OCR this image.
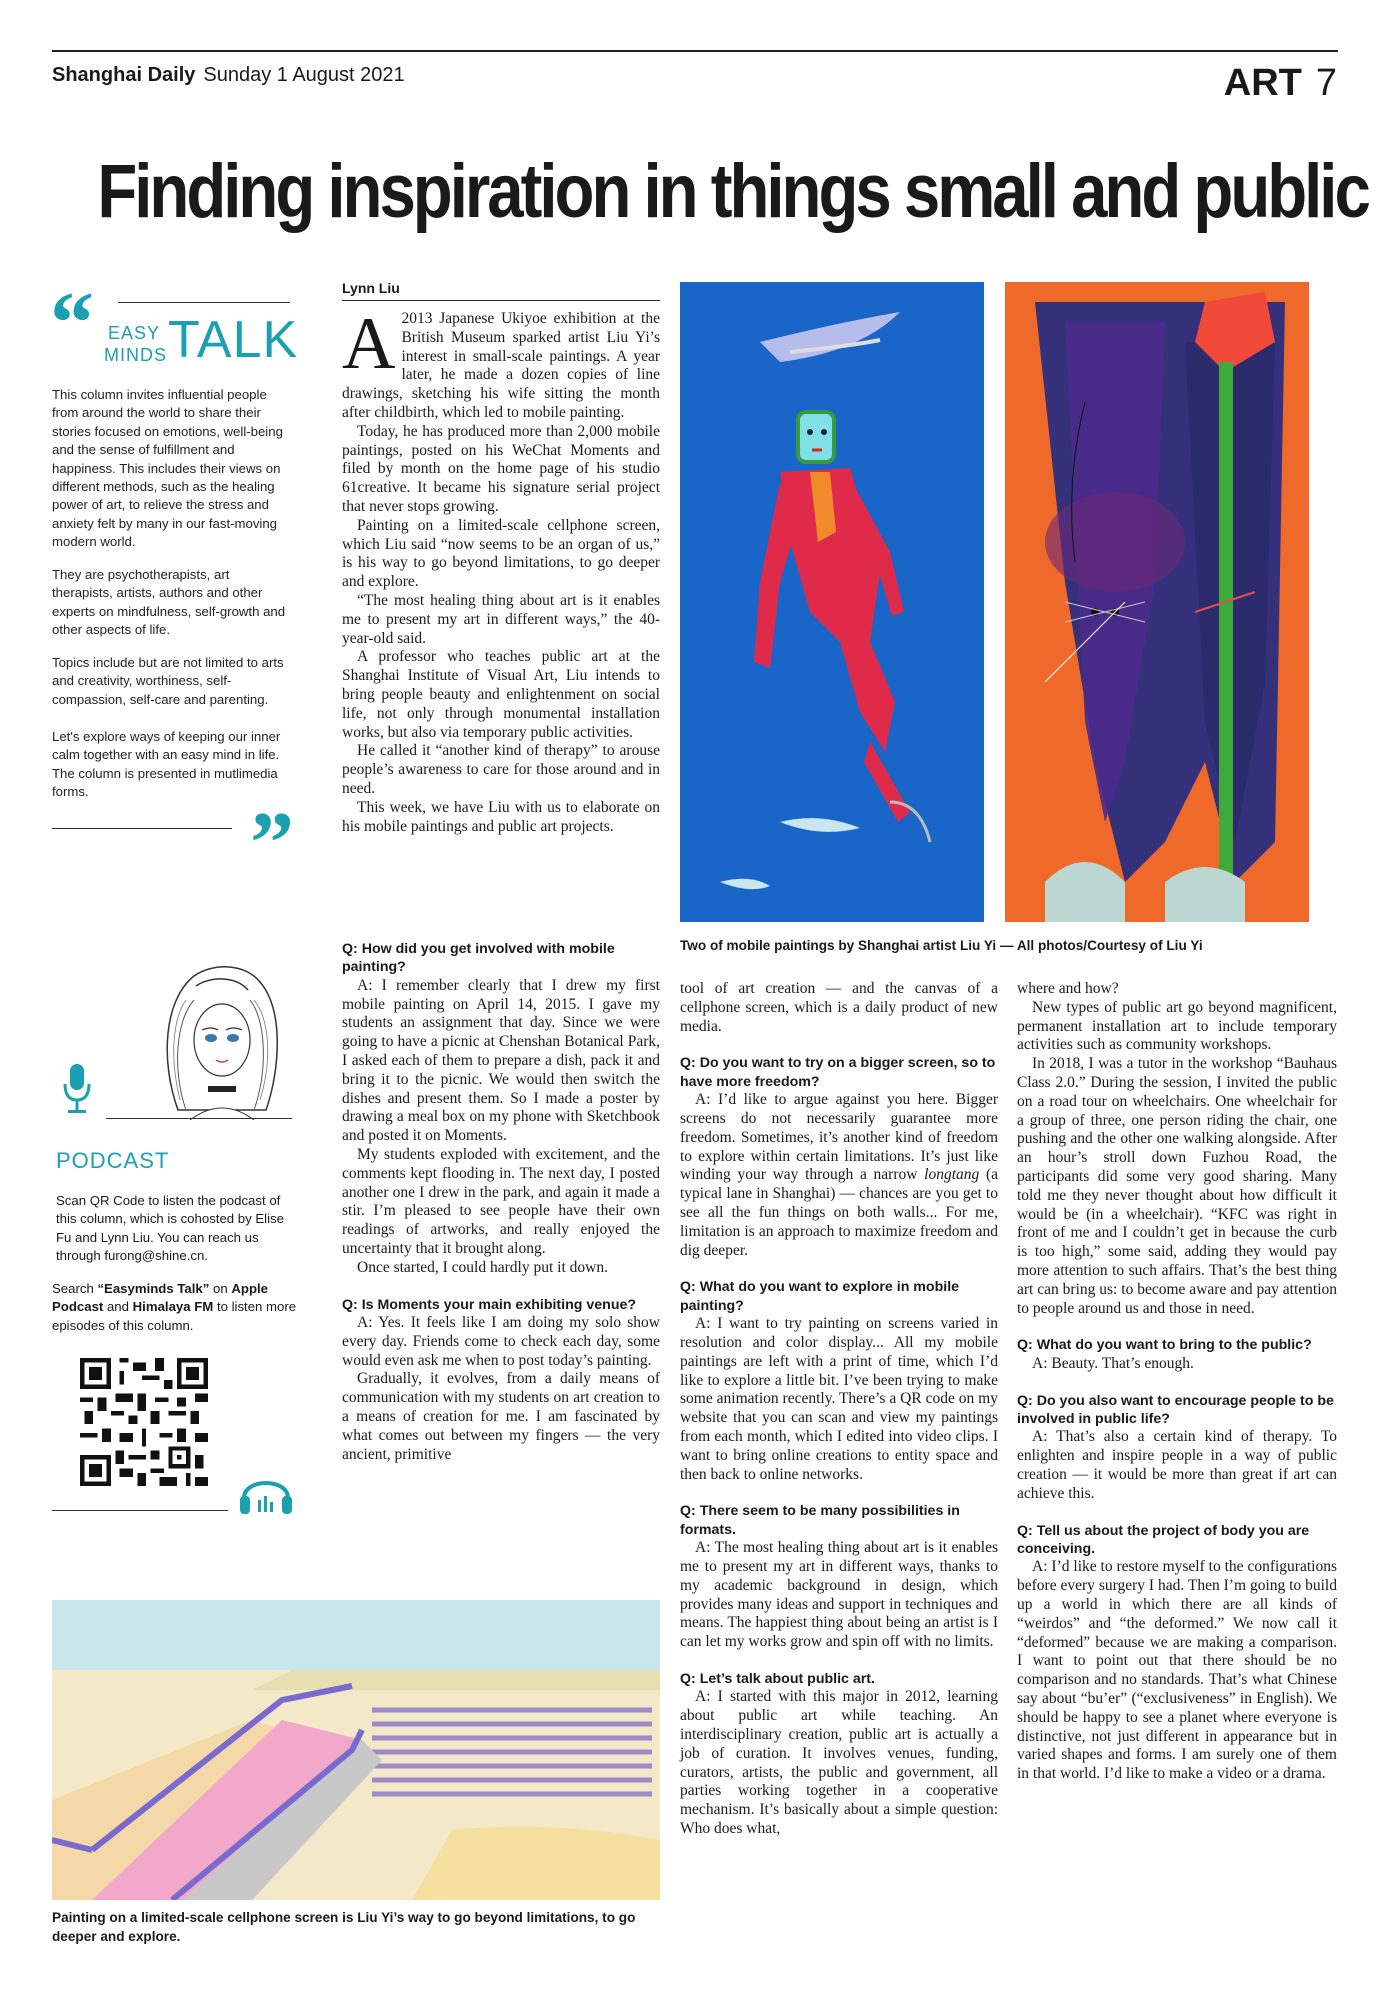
Shanghai Daily Sunday 1 August 2021	ART 7
Finding inspiration in things small and public
“ EASY
MINDS TALK

This column invites influential people from around the world to share their stories focused on emotions, well-being and the sense of fulfillment and happiness. This includes their views on different methods, such as the healing power of art, to relieve the stress and anxiety felt by many in our fast-moving modern world.

They are psychotherapists, art therapists, artists, authors and other experts on mindfulness, self-growth and other aspects of life.

Topics include but are not limited to arts and creativity, worthiness, self-compassion, self-care and parenting.

Let's explore ways of keeping our inner calm together with an easy mind in life. The column is presented in mutlimedia forms.

”
PODCAST
Scan QR Code to listen the podcast of this column, which is cohosted by Elise Fu and Lynn Liu. You can reach us through furong@shine.cn.
Search “Easyminds Talk” on Apple Podcast and Himalaya FM to listen more episodes of this column.
Lynn Liu

A 2013 Japanese Ukiyoe exhibition at the British Museum sparked artist Liu Yi’s interest in small-scale paintings. A year later, he made a dozen copies of line drawings, sketching his wife sitting the month after childbirth, which led to mobile painting.

Today, he has produced more than 2,000 mobile paintings, posted on his WeChat Moments and filed by month on the home page of his studio 61creative. It became his signature serial project that never stops growing.

Painting on a limited-scale cellphone screen, which Liu said “now seems to be an organ of us,” is his way to go beyond limitations, to go deeper and explore.

“The most healing thing about art is it enables me to present my art in different ways,” the 40-year-old said.

A professor who teaches public art at the Shanghai Institute of Visual Art, Liu intends to bring people beauty and enlightenment on social life, not only through monumental installation works, but also via temporary public activities.

He called it “another kind of therapy” to arouse people’s awareness to care for those around and in need.

This week, we have Liu with us to elaborate on his mobile paintings and public art projects.

Q: How did you get involved with mobile painting?

A: I remember clearly that I drew my first mobile painting on April 14, 2015. I gave my students an assignment that day. Since we were going to have a picnic at Chenshan Botanical Park, I asked each of them to prepare a dish, pack it and bring it to the picnic. We would then switch the dishes and present them. So I made a poster by drawing a meal box on my phone with Sketchbook and posted it on Moments.

My students exploded with excitement, and the comments kept flooding in. The next day, I posted another one I drew in the park, and again it made a stir. I’m pleased to see people have their own readings of artworks, and really enjoyed the uncertainty that it brought along.

Once started, I could hardly put it down.

Q: Is Moments your main exhibiting venue?

A: Yes. It feels like I am doing my solo show every day. Friends come to check each day, some would even ask me when to post today’s painting.

Gradually, it evolves, from a daily means of communication with my students on art creation to a means of creation for me. I am fascinated by what comes out between my fingers — the very ancient, primitive

tool of art creation — and the canvas of a cellphone screen, which is a daily product of new media.

Q: Do you want to try on a bigger screen, so to have more freedom?

A: I’d like to argue against you here. Bigger screens do not necessarily guarantee more freedom. Sometimes, it’s another kind of freedom to explore within certain limitations. It’s just like winding your way through a narrow longtang (a typical lane in Shanghai) — chances are you get to see all the fun things on both walls... For me, limitation is an approach to maximize freedom and dig deeper.

Q: What do you want to explore in mobile painting?

A: I want to try painting on screens varied in resolution and color display... All my mobile paintings are left with a print of time, which I’d like to explore a little bit. I’ve been trying to make some animation recently. There’s a QR code on my website that you can scan and view my paintings from each month, which I edited into video clips. I want to bring online creations to entity space and then back to online networks.

Q: There seem to be many possibilities in formats.

A: The most healing thing about art is it enables me to present my art in different ways, thanks to my academic background in design, which provides many ideas and support in techniques and means. The happiest thing about being an artist is I can let my works grow and spin off with no limits.

Q: Let’s talk about public art.

A: I started with this major in 2012, learning about public art while teaching. An interdisciplinary creation, public art is actually a job of curation. It involves venues, funding, curators, artists, the public and government, all parties working together in a cooperative mechanism. It’s basically about a simple question: Who does what,

where and how?

New types of public art go beyond magnificent, permanent installation art to include temporary activities such as community workshops.

In 2018, I was a tutor in the workshop “Bauhaus Class 2.0.” During the session, I invited the public on a road tour on wheelchairs. One wheelchair for a group of three, one person riding the chair, one pushing and the other one walking alongside. After an hour’s stroll down Fuzhou Road, the participants did some very good sharing. Many told me they never thought about how difficult it would be (in a wheelchair). “KFC was right in front of me and I couldn’t get in because the curb is too high,” some said, adding they would pay more attention to such affairs. That’s the best thing art can bring us: to become aware and pay attention to people around us and those in need.

Q: What do you want to bring to the public?

A: Beauty. That’s enough.

Q: Do you also want to encourage people to be involved in public life?

A: That’s also a certain kind of therapy. To enlighten and inspire people in a way of public creation — it would be more than great if art can achieve this.

Q: Tell us about the project of body you are conceiving.

A: I’d like to restore myself to the configurations before every surgery I had. Then I’m going to build up a world in which there are all kinds of “weirdos” and “the deformed.” We now call it “deformed” because we are making a comparison. I want to point out that there should be no comparison and no standards. That’s what Chinese say about “bu’er” (“exclusiveness” in English). We should be happy to see a planet where everyone is distinctive, not just different in appearance but in varied shapes and forms. I am surely one of them in that world. I’d like to make a video or a drama.

Two of mobile paintings by Shanghai artist Liu Yi — All photos/Courtesy of Liu Yi
Painting on a limited-scale cellphone screen is Liu Yi’s way to go beyond limitations, to go deeper and explore.
